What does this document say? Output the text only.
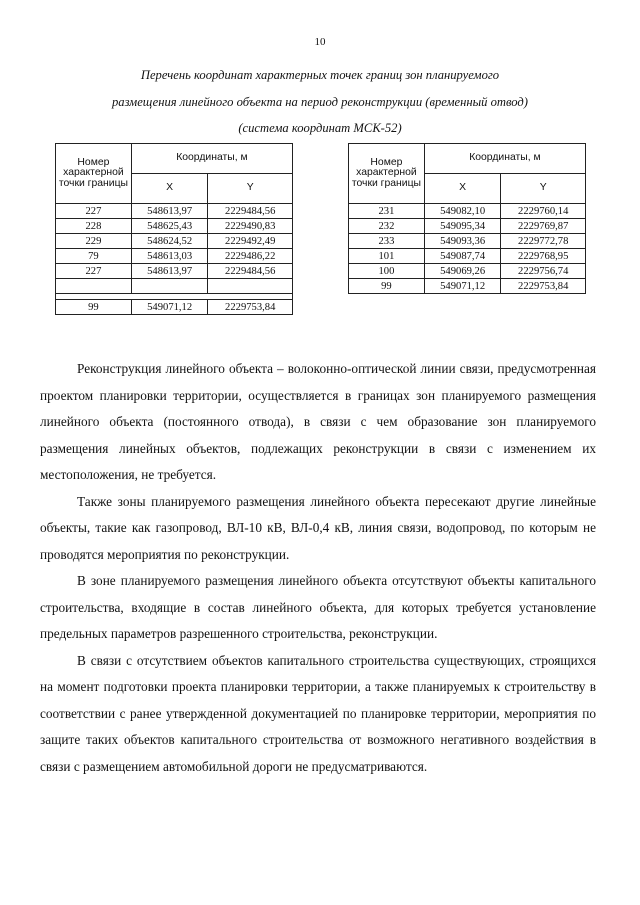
10
Перечень координат характерных точек границ зон планируемого
размещения линейного объекта на период реконструкции (временный отвод)
(система координат МСК-52)
Номер характерной точки границы	Координаты, м	
	X	Y
227	548613,97	2229484,56
228	548625,43	2229490,83
229	548624,52	2229492,49
79	548613,03	2229486,22
227	548613,97	2229484,56

99	549071,12	2229753,84
Номер характерной точки границы	Координаты, м	
	X	Y
231	549082,10	2229760,14
232	549095,34	2229769,87
233	549093,36	2229772,78
101	549087,74	2229768,95
100	549069,26	2229756,74
99	549071,12	2229753,84

Реконструкция линейного объекта – волоконно-оптической линии связи, предусмотренная проектом планировки территории, осуществляется в границах зон планируемого размещения линейного объекта (постоянного отвода), в связи с чем образование зон планируемого размещения линейных объектов, подлежащих реконструкции в связи с изменением их местоположения, не требуется.

Также зоны планируемого размещения линейного объекта пересекают другие линейные объекты, такие как газопровод, ВЛ-10 кВ, ВЛ-0,4 кВ, линия связи, водопровод, по которым не проводятся мероприятия по реконструкции.

В зоне планируемого размещения линейного объекта отсутствуют объекты капитального строительства, входящие в состав линейного объекта, для которых требуется установление предельных параметров разрешенного строительства, реконструкции.

В связи с отсутствием объектов капитального строительства существующих, строящихся на момент подготовки проекта планировки территории, а также планируемых к строительству в соответствии с ранее утвержденной документацией по планировке территории, мероприятия по защите таких объектов капитального строительства от возможного негативного воздействия в связи с размещением автомобильной дороги не предусматриваются.
